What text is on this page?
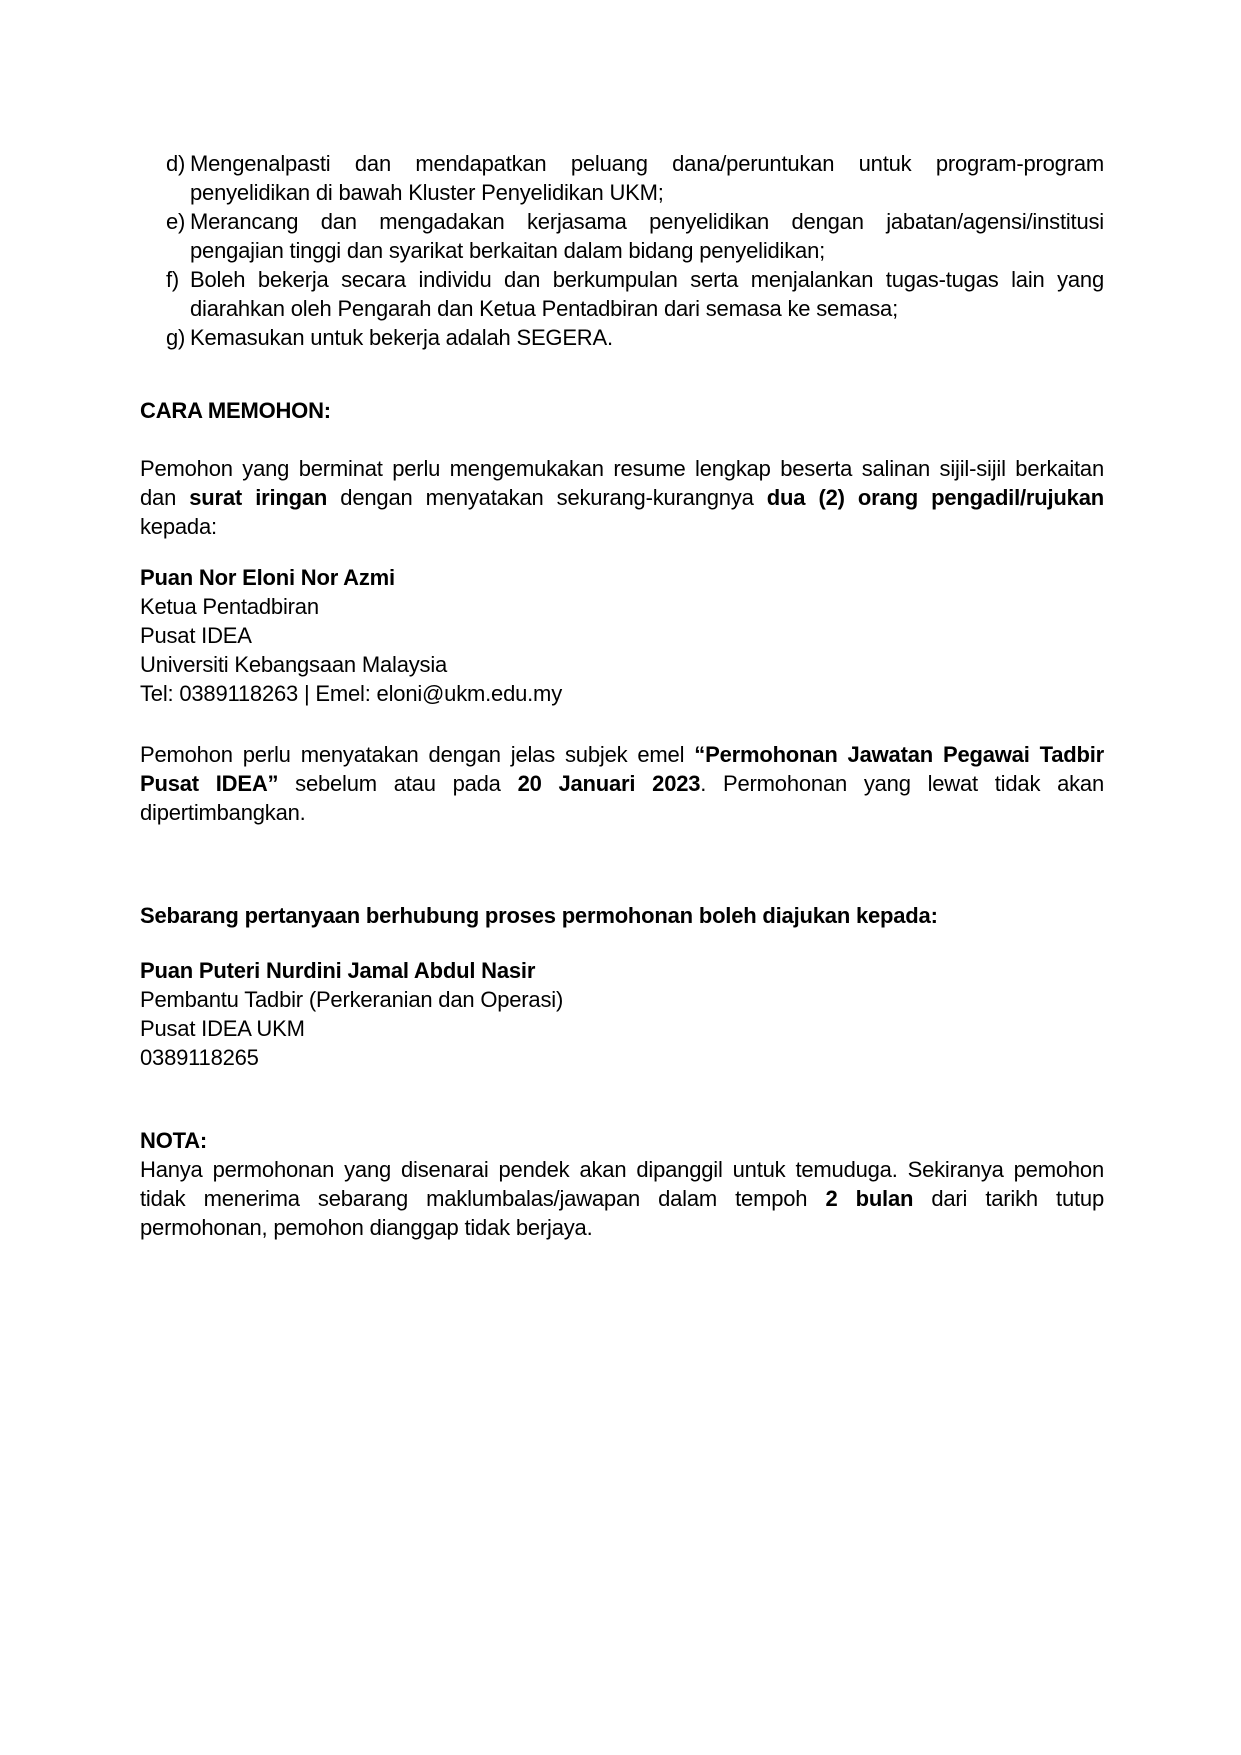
d) Mengenalpasti dan mendapatkan peluang dana/peruntukan untuk program-program penyelidikan di bawah Kluster Penyelidikan UKM;
e) Merancang dan mengadakan kerjasama penyelidikan dengan jabatan/agensi/institusi pengajian tinggi dan syarikat berkaitan dalam bidang penyelidikan;
f) Boleh bekerja secara individu dan berkumpulan serta menjalankan tugas-tugas lain yang diarahkan oleh Pengarah dan Ketua Pentadbiran dari semasa ke semasa;
g) Kemasukan untuk bekerja adalah SEGERA.
CARA MEMOHON:
Pemohon yang berminat perlu mengemukakan resume lengkap beserta salinan sijil-sijil berkaitan dan surat iringan dengan menyatakan sekurang-kurangnya dua (2) orang pengadil/rujukan kepada:
Puan Nor Eloni Nor Azmi
Ketua Pentadbiran
Pusat IDEA
Universiti Kebangsaan Malaysia
Tel: 0389118263 | Emel: eloni@ukm.edu.my
Pemohon perlu menyatakan dengan jelas subjek emel “Permohonan Jawatan Pegawai Tadbir Pusat IDEA” sebelum atau pada 20 Januari 2023. Permohonan yang lewat tidak akan dipertimbangkan.
Sebarang pertanyaan berhubung proses permohonan boleh diajukan kepada:
Puan Puteri Nurdini Jamal Abdul Nasir
Pembantu Tadbir (Perkeranian dan Operasi)
Pusat IDEA UKM
0389118265
NOTA:
Hanya permohonan yang disenarai pendek akan dipanggil untuk temuduga. Sekiranya pemohon tidak menerima sebarang maklumbalas/jawapan dalam tempoh 2 bulan dari tarikh tutup permohonan, pemohon dianggap tidak berjaya.
